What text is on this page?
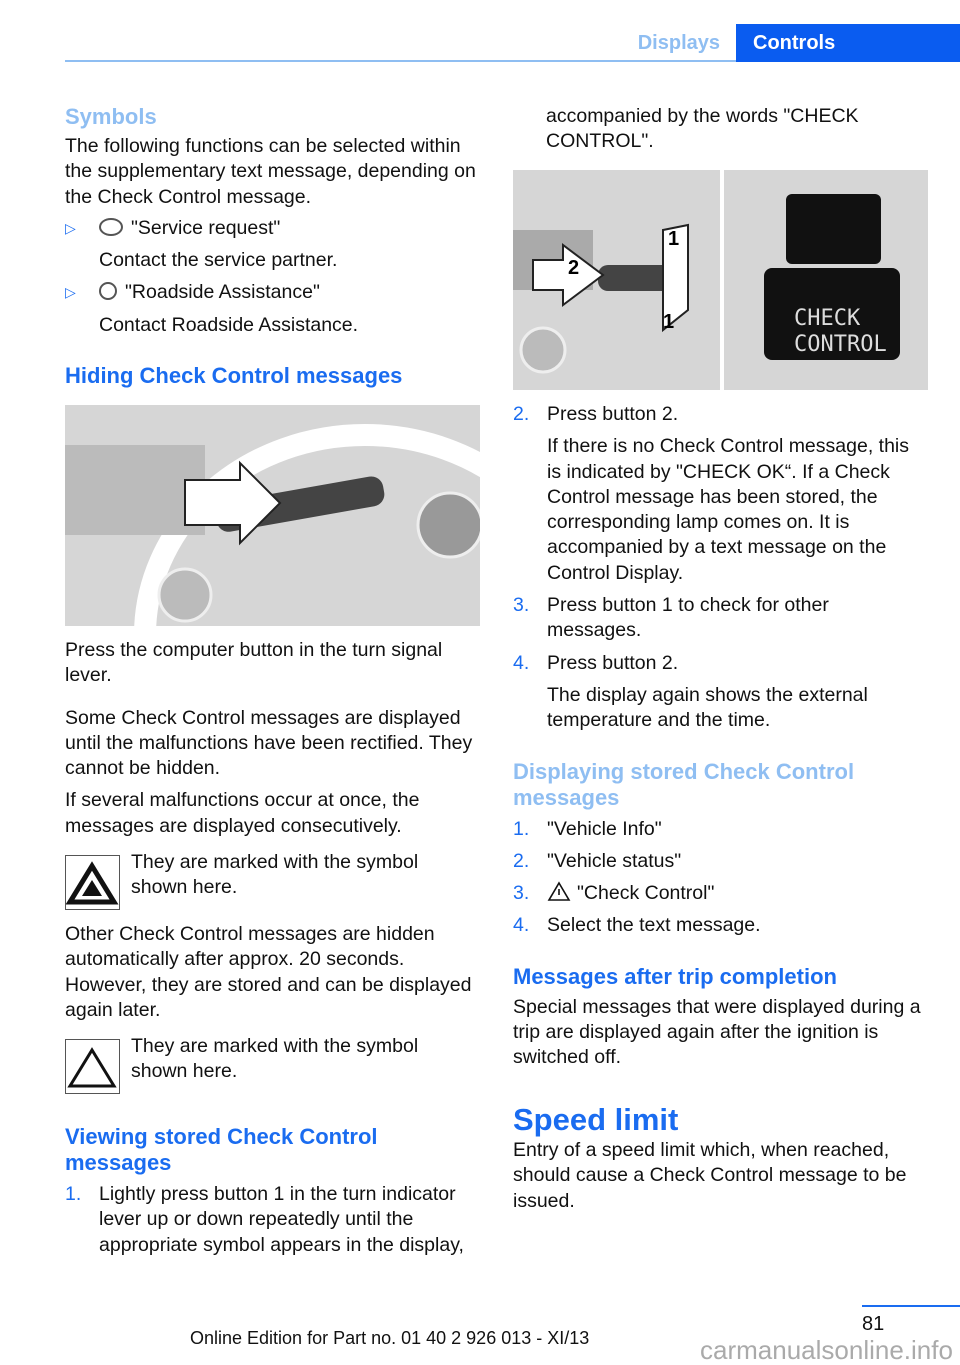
Displays	Controls
Symbols

The following functions can be selected within the supplementary text message, depending on the Check Control message.

▷	"Service request"

Contact the service partner.

▷	"Roadside Assistance"

Contact Roadside Assistance.

Hiding Check Control messages

Press the computer button in the turn signal lever.

Some Check Control messages are displayed until the malfunctions have been rectified. They cannot be hidden.

If several malfunctions occur at once, the messages are displayed consecutively.

They are marked with the symbol shown here.

Other Check Control messages are hidden automatically after approx. 20 seconds. However, they are stored and can be displayed again later.

They are marked with the symbol shown here.

Viewing stored Check Control messages
1. Lightly press button 1 in the turn indicator lever up or down repeatedly until the appropriate symbol appears in the display,

accompanied by the words "CHECK CONTROL".

2
1
1	CHECK
CONTROL
2. Press button 2.

If there is no Check Control message, this is indicated by "CHECK OK“. If a Check Control message has been stored, the corresponding lamp comes on. It is accompanied by a text message on the Control Display.

3. Press button 1 to check for other messages.
4. Press button 2.

The display again shows the external temperature and the time.

Displaying stored Check Control messages
1. "Vehicle Info"
2. "Vehicle status"
3. "Check Control"
4. Select the text message.
Messages after trip completion

Special messages that were displayed during a trip are displayed again after the ignition is switched off.

Speed limit

Entry of a speed limit which, when reached, should cause a Check Control message to be issued.

81
Online Edition for Part no. 01 40 2 926 013 - XI/13	carmanualsonline.info
